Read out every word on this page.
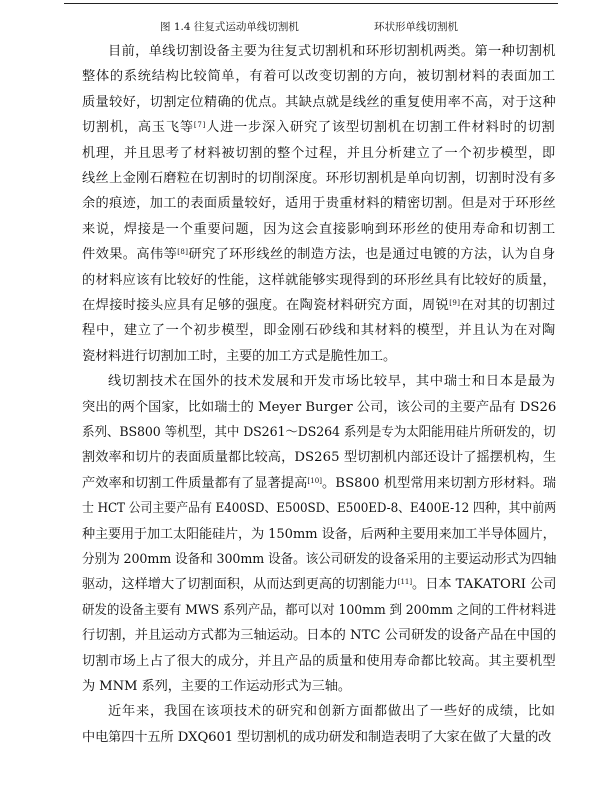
图 1.4 往复式运动单线切割机	环状形单线切割机
目前，单线切割设备主要为往复式切割机和环形切割机两类。第一种切割机
整体的系统结构比较简单，有着可以改变切割的方向，被切割材料的表面加工
质量较好，切割定位精确的优点。其缺点就是线丝的重复使用率不高，对于这种
切割机，高玉飞等[7]人进一步深入研究了该型切割机在切割工件材料时的切割
机理，并且思考了材料被切割的整个过程，并且分析建立了一个初步模型，即
线丝上金刚石磨粒在切割时的切削深度。环形切割机是单向切割，切割时没有多
余的痕迹，加工的表面质量较好，适用于贵重材料的精密切割。但是对于环形丝
来说，焊接是一个重要问题，因为这会直接影响到环形丝的使用寿命和切割工
件效果。高伟等[8]研究了环形线丝的制造方法，也是通过电镀的方法，认为自身
的材料应该有比较好的性能，这样就能够实现得到的环形丝具有比较好的质量，
在焊接时接头应具有足够的强度。在陶瓷材料研究方面，周锐[9]在对其的切割过
程中，建立了一个初步模型，即金刚石砂线和其材料的模型，并且认为在对陶
瓷材料进行切割加工时，主要的加工方式是脆性加工。
线切割技术在国外的技术发展和开发市场比较早，其中瑞士和日本是最为
突出的两个国家，比如瑞士的 Meyer Burger 公司，该公司的主要产品有 DS26
系列、BS800 等机型，其中 DS261～DS264 系列是专为太阳能用硅片所研发的，切
割效率和切片的表面质量都比较高，DS265 型切割机内部还设计了摇摆机构，生
产效率和切割工件质量都有了显著提高[10]。BS800 机型常用来切割方形材料。瑞
士 HCT 公司主要产品有 E400SD、E500SD、E500ED-8、E400E-12 四种，其中前两
种主要用于加工太阳能硅片，为 150mm 设备，后两种主要用来加工半导体圆片，
分别为 200mm 设备和 300mm 设备。该公司研发的设备采用的主要运动形式为四轴
驱动，这样增大了切割面积，从而达到更高的切割能力[11]。日本 TAKATORI 公司
研发的设备主要有 MWS 系列产品，都可以对 100mm 到 200mm 之间的工件材料进
行切割，并且运动方式都为三轴运动。日本的 NTC 公司研发的设备产品在中国的
切割市场上占了很大的成分，并且产品的质量和使用寿命都比较高。其主要机型
为 MNM 系列，主要的工作运动形式为三轴。
近年来，我国在该项技术的研究和创新方面都做出了一些好的成绩，比如
中电第四十五所 DXQ601 型切割机的成功研发和制造表明了大家在做了大量的改
